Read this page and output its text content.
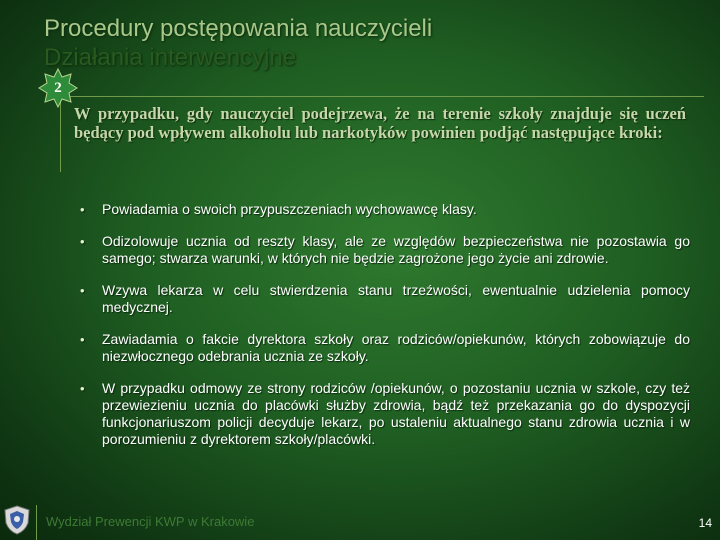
Procedury postępowania nauczycieli
Działania interwencyjne
2
W przypadku, gdy nauczyciel podejrzewa, że na terenie szkoły znajduje się uczeń będący pod wpływem alkoholu lub narkotyków powinien podjąć następujące kroki:
• Powiadamia o swoich przypuszczeniach wychowawcę klasy.
• Odizolowuje ucznia od reszty klasy, ale ze względów bezpieczeństwa nie pozostawia go samego; stwarza warunki, w których nie będzie zagrożone jego życie ani zdrowie.
• Wzywa lekarza w celu stwierdzenia stanu trzeźwości, ewentualnie udzielenia pomocy medycznej.
• Zawiadamia o fakcie dyrektora szkoły oraz rodziców/opiekunów, których zobowiązuje do niezwłocznego odebrania ucznia ze szkoły.
• W przypadku odmowy ze strony rodziców /opiekunów, o pozostaniu ucznia w szkole, czy też przewiezieniu ucznia do placówki służby zdrowia, bądź też przekazania go do dyspozycji funkcjonariuszom policji decyduje lekarz, po ustaleniu aktualnego stanu zdrowia ucznia i w porozumieniu z dyrektorem szkoły/placówki.
Wydział Prewencji KWP w Krakowie	14
